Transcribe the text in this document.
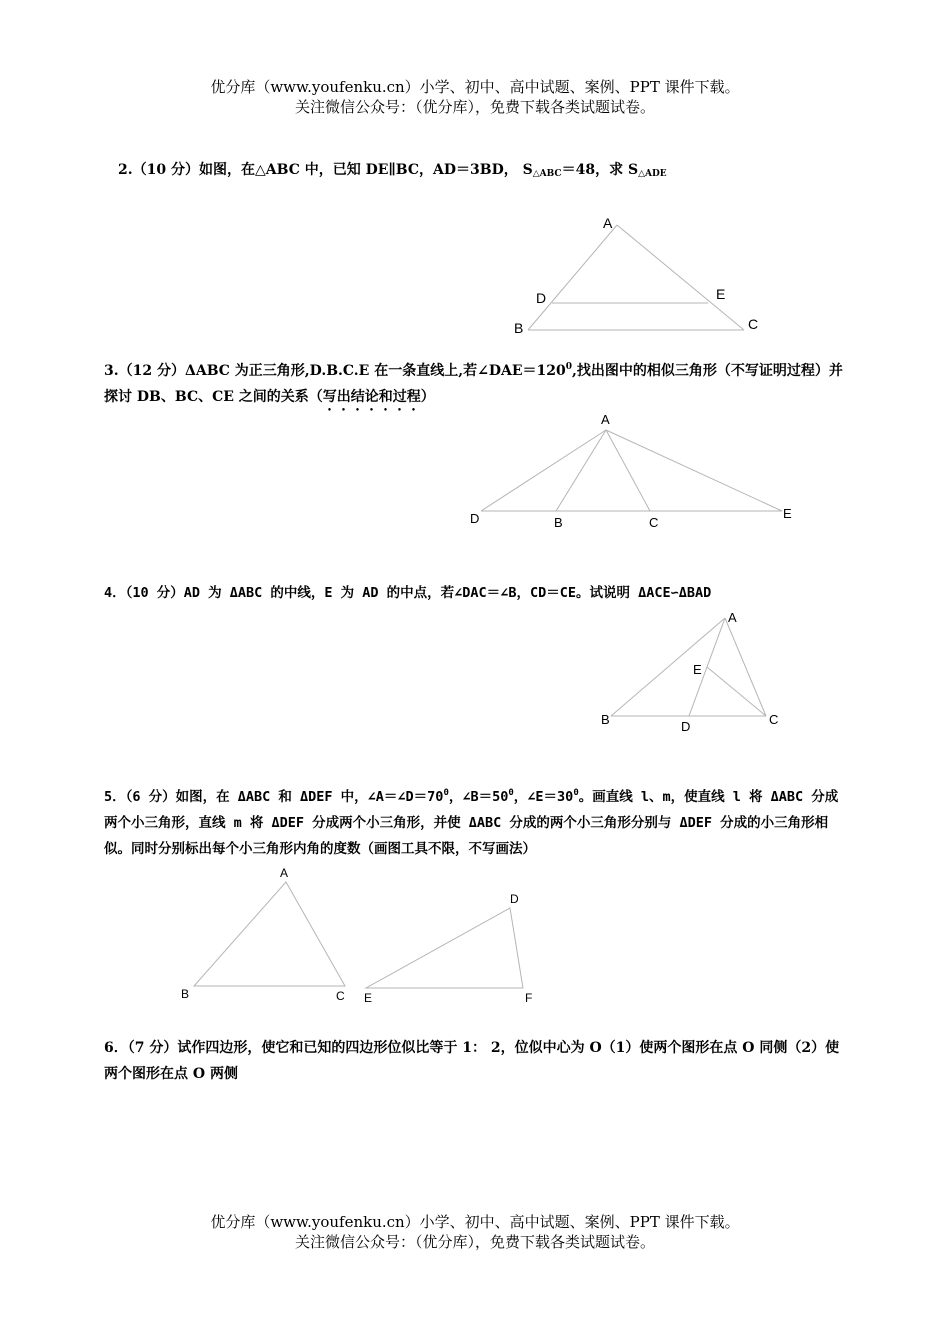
优分库（www.youfenku.cn）小学、初中、高中试题、案例、PPT 课件下载。
关注微信公众号：（优分库），免费下载各类试题试卷。
2.（10 分）如图，在△ABC 中，已知 DE∥BC，AD＝3BD， $S_{\triangle ABC}=48$，求 $S_{\triangle ADE}$
3.（12 分）ΔABC 为正三角形,D.B.C.E 在一条直线上,若$\angle DAE=120^0$,找出图中的相似三角形（不写证明过程）并探讨 DB、BC、CE 之间的关系（写出结论和过程）
4．（10 分）AD 为 ΔABC 的中线，E 为 AD 的中点，若∠DAC＝∠B，CD＝CE。试说明 ΔACE∽ΔBAD
5．（6 分）如图，在 ΔABC 和 ΔDEF 中，$\angle A=\angle D=70^0$，$\angle B=50^0$，$\angle E=30^0$。画直线 l、m，使直线 l 将 ΔABC 分成两个小三角形，直线 m 将 ΔDEF 分成两个小三角形，并使 ΔABC 分成的两个小三角形分别与 ΔDEF 分成的小三角形相似。同时分别标出每个小三角形内角的度数（画图工具不限，不写画法）
6．（7 分）试作四边形，使它和已知的四边形位似比等于 1： 2，位似中心为 O（1）使两个图形在点 O 同侧（2）使两个图形在点 O 两侧
A
D	E
B	C
A
D	B	C
E
A
E
B	D	C
A
B	C
D
E	F
优分库（www.youfenku.cn）小学、初中、高中试题、案例、PPT 课件下载。
关注微信公众号：（优分库），免费下载各类试题试卷。
